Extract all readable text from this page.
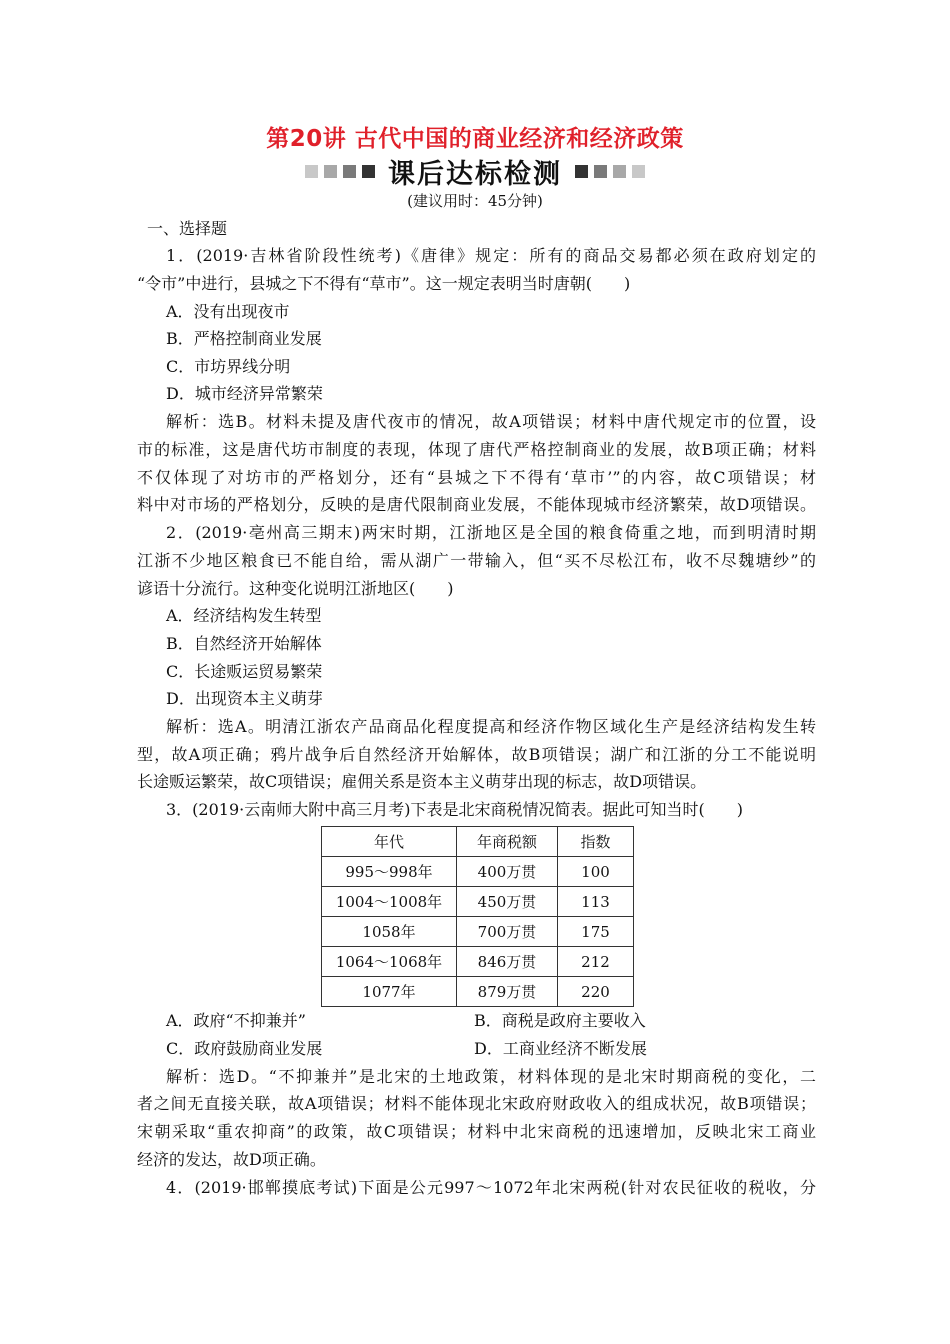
第20讲 古代中国的商业经济和经济政策
课后达标检测
(建议用时：45分钟)
一、选择题
1．(2019·吉林省阶段性统考)《唐律》规定：所有的商品交易都必须在政府划定的
“令市”中进行，县城之下不得有“草市”。这一规定表明当时唐朝(　　)
A．没有出现夜市
B．严格控制商业发展
C．市坊界线分明
D．城市经济异常繁荣
解析：选B。材料未提及唐代夜市的情况，故A项错误；材料中唐代规定市的位置，设
市的标准，这是唐代坊市制度的表现，体现了唐代严格控制商业的发展，故B项正确；材料
不仅体现了对坊市的严格划分，还有“县城之下不得有‘草市’”的内容，故C项错误；材
料中对市场的严格划分，反映的是唐代限制商业发展，不能体现城市经济繁荣，故D项错误。
2．(2019·亳州高三期末)两宋时期，江浙地区是全国的粮食倚重之地，而到明清时期
江浙不少地区粮食已不能自给，需从湖广一带输入，但“买不尽松江布，收不尽魏塘纱”的
谚语十分流行。这种变化说明江浙地区(　　)
A．经济结构发生转型
B．自然经济开始解体
C．长途贩运贸易繁荣
D．出现资本主义萌芽
解析：选A。明清江浙农产品商品化程度提高和经济作物区域化生产是经济结构发生转
型，故A项正确；鸦片战争后自然经济开始解体，故B项错误；湖广和江浙的分工不能说明
长途贩运繁荣，故C项错误；雇佣关系是资本主义萌芽出现的标志，故D项错误。
3．(2019·云南师大附中高三月考)下表是北宋商税情况简表。据此可知当时(　　)
年代	年商税额	指数
995～998年	400万贯	100
1004～1008年	450万贯	113
1058年	700万贯	175
1064～1068年	846万贯	212
1077年	879万贯	220
A．政府“不抑兼并”	B．商税是政府主要收入
C．政府鼓励商业发展	D．工商业经济不断发展
解析：选D。“不抑兼并”是北宋的土地政策，材料体现的是北宋时期商税的变化，二
者之间无直接关联，故A项错误；材料不能体现北宋政府财政收入的组成状况，故B项错误；
宋朝采取“重农抑商”的政策，故C项错误；材料中北宋商税的迅速增加，反映北宋工商业
经济的发达，故D项正确。
4．(2019·邯郸摸底考试)下面是公元997～1072年北宋两税(针对农民征收的税收，分
